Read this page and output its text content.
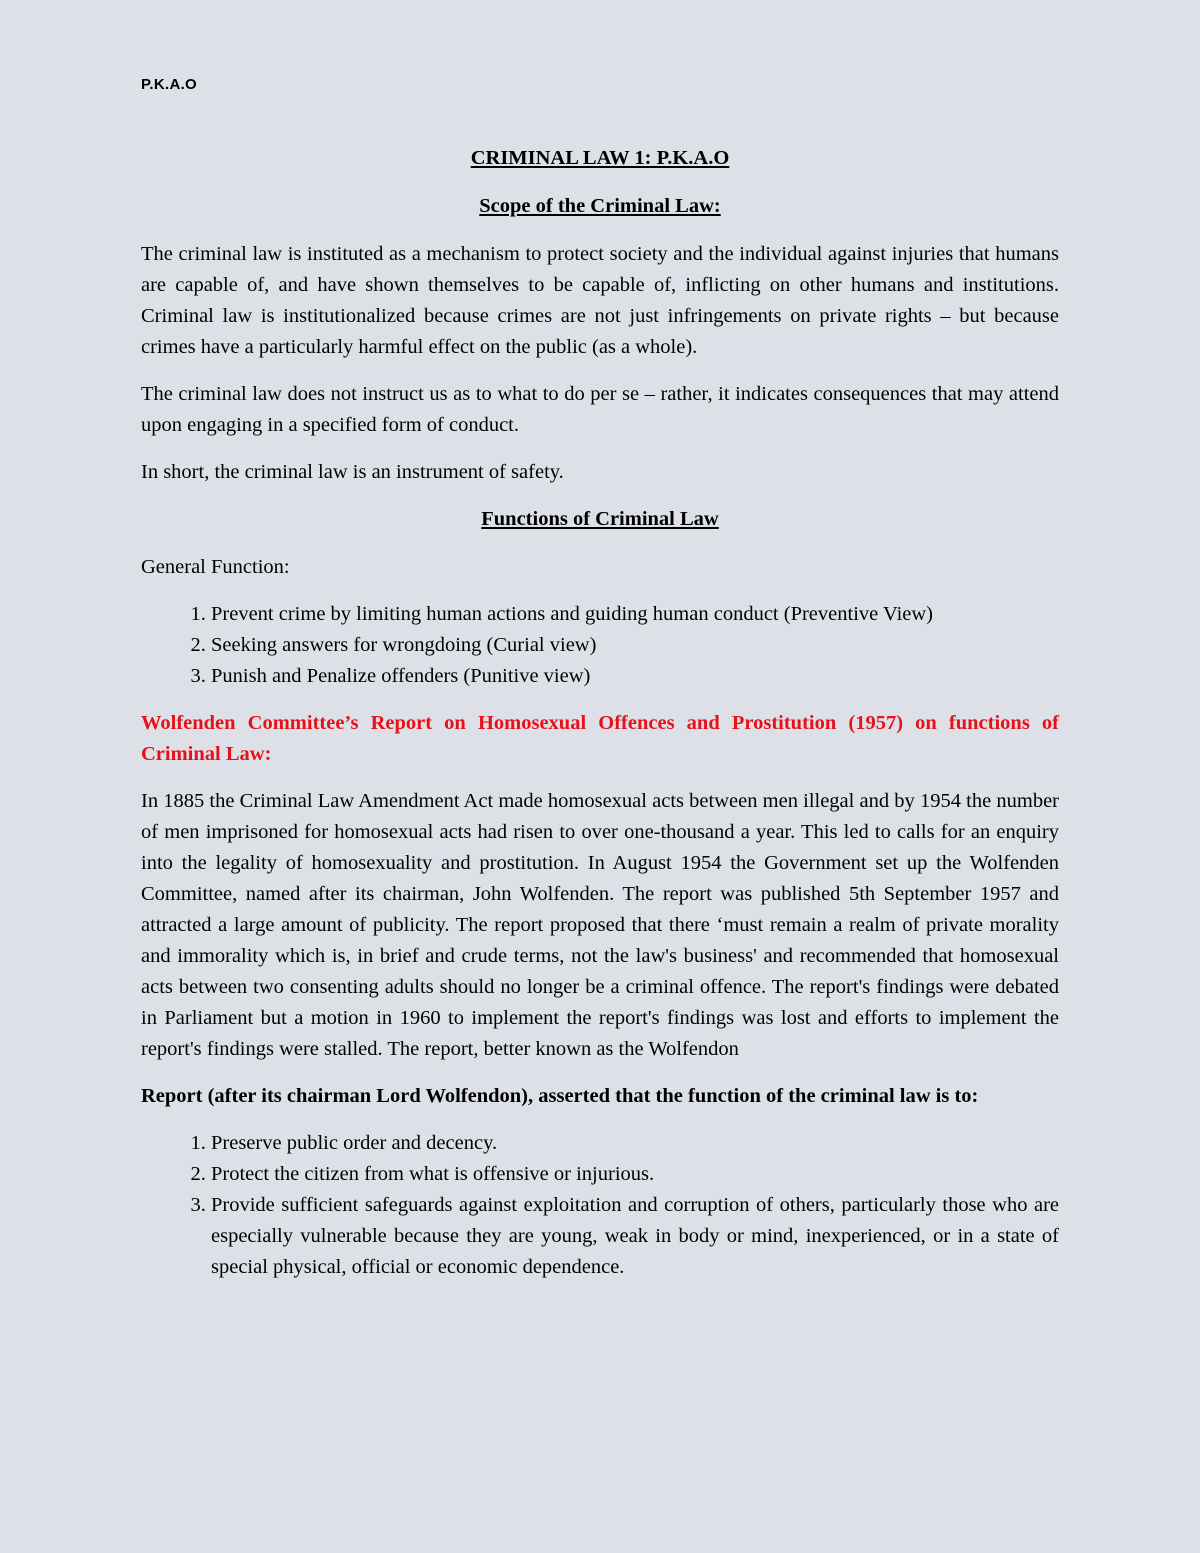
P.K.A.O
CRIMINAL LAW 1: P.K.A.O
Scope of the Criminal Law:

The criminal law is instituted as a mechanism to protect society and the individual against injuries that humans are capable of, and have shown themselves to be capable of, inflicting on other humans and institutions. Criminal law is institutionalized because crimes are not just infringements on private rights – but because crimes have a particularly harmful effect on the public (as a whole).

The criminal law does not instruct us as to what to do per se – rather, it indicates consequences that may attend upon engaging in a specified form of conduct.

In short, the criminal law is an instrument of safety.

Functions of Criminal Law

General Function:

1. Prevent crime by limiting human actions and guiding human conduct (Preventive View)
2. Seeking answers for wrongdoing (Curial view)
3. Punish and Penalize offenders (Punitive view)
Wolfenden Committee’s Report on Homosexual Offences and Prostitution (1957) on functions of Criminal Law:

In 1885 the Criminal Law Amendment Act made homosexual acts between men illegal and by 1954 the number of men imprisoned for homosexual acts had risen to over one-thousand a year. This led to calls for an enquiry into the legality of homosexuality and prostitution. In August 1954 the Government set up the Wolfenden Committee, named after its chairman, John Wolfenden. The report was published 5th September 1957 and attracted a large amount of publicity. The report proposed that there ‘must remain a realm of private morality and immorality which is, in brief and crude terms, not the law's business' and recommended that homosexual acts between two consenting adults should no longer be a criminal offence. The report's findings were debated in Parliament but a motion in 1960 to implement the report's findings was lost and efforts to implement the report's findings were stalled. The report, better known as the Wolfendon

Report (after its chairman Lord Wolfendon), asserted that the function of the criminal law is to:
1. Preserve public order and decency.
2. Protect the citizen from what is offensive or injurious.
3. Provide sufficient safeguards against exploitation and corruption of others, particularly those who are especially vulnerable because they are young, weak in body or mind, inexperienced, or in a state of special physical, official or economic dependence.
